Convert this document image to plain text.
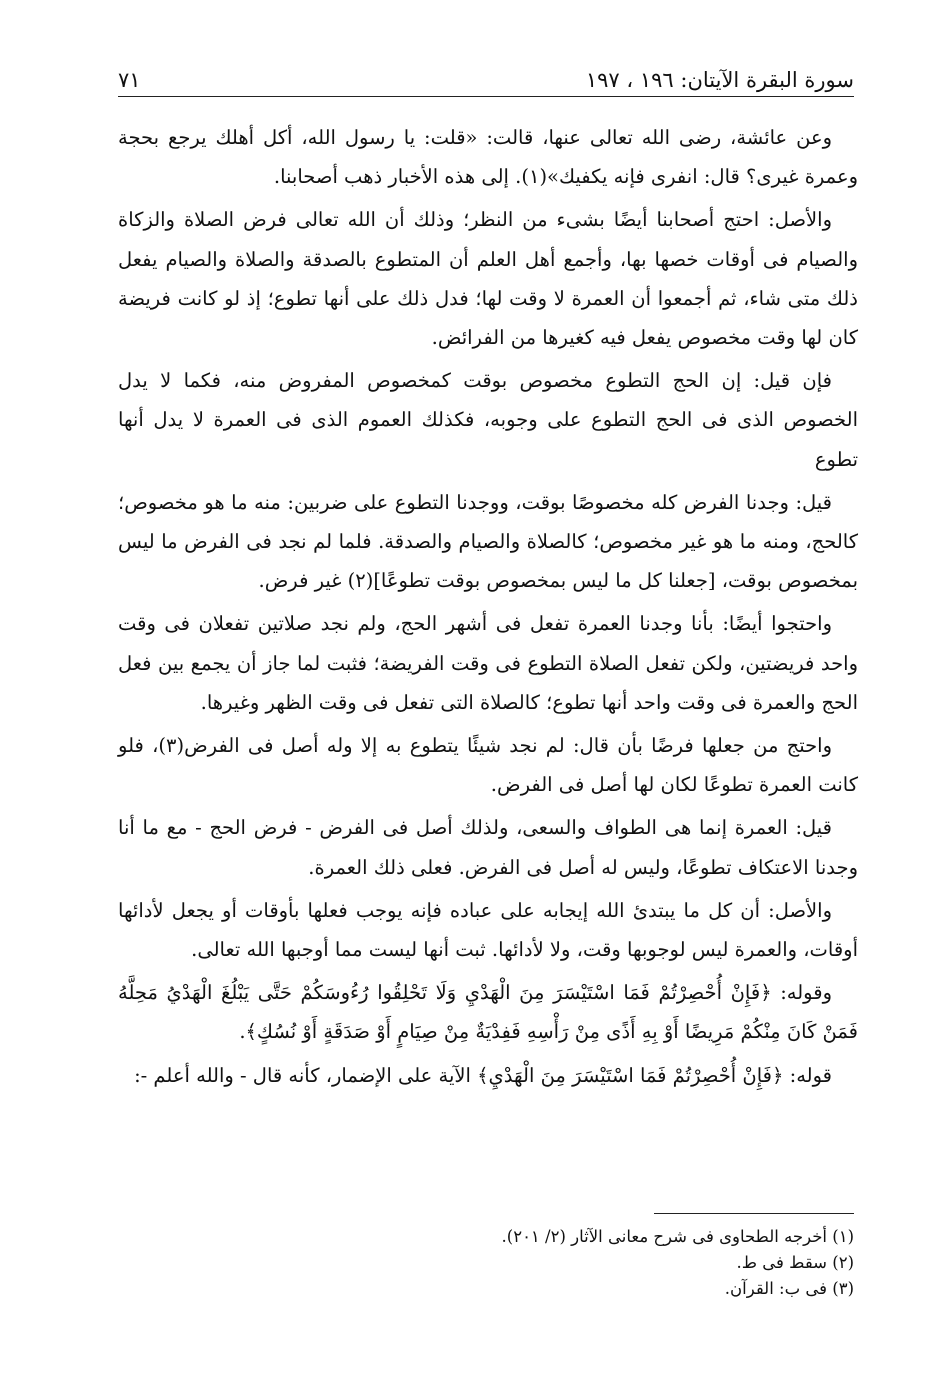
سورة البقرة الآيتان: ١٩٦ ، ١٩٧
٧١

وعن عائشة، رضى الله تعالى عنها، قالت: «قلت: يا رسول الله، أكل أهلك يرجع بحجة وعمرة غيرى؟ قال: انفرى فإنه يكفيك»(١). إلى هذه الأخبار ذهب أصحابنا.

والأصل: احتج أصحابنا أيضًا بشىء من النظر؛ وذلك أن الله تعالى فرض الصلاة والزكاة والصيام فى أوقات خصها بها، وأجمع أهل العلم أن المتطوع بالصدقة والصلاة والصيام يفعل ذلك متى شاء، ثم أجمعوا أن العمرة لا وقت لها؛ فدل ذلك على أنها تطوع؛ إذ لو كانت فريضة كان لها وقت مخصوص يفعل فيه كغيرها من الفرائض.

فإن قيل: إن الحج التطوع مخصوص بوقت كمخصوص المفروض منه، فكما لا يدل الخصوص الذى فى الحج التطوع على وجوبه، فكذلك العموم الذى فى العمرة لا يدل أنها تطوع

قيل: وجدنا الفرض كله مخصوصًا بوقت، ووجدنا التطوع على ضربين: منه ما هو مخصوص؛ كالحج، ومنه ما هو غير مخصوص؛ كالصلاة والصيام والصدقة. فلما لم نجد فى الفرض ما ليس بمخصوص بوقت، [جعلنا كل ما ليس بمخصوص بوقت تطوعًا](٢) غير فرض.

واحتجوا أيضًا: بأنا وجدنا العمرة تفعل فى أشهر الحج، ولم نجد صلاتين تفعلان فى وقت واحد فريضتين، ولكن تفعل الصلاة التطوع فى وقت الفريضة؛ فثبت لما جاز أن يجمع بين فعل الحج والعمرة فى وقت واحد أنها تطوع؛ كالصلاة التى تفعل فى وقت الظهر وغيرها.

واحتج من جعلها فرضًا بأن قال: لم نجد شيئًا يتطوع به إلا وله أصل فى الفرض(٣)، فلو كانت العمرة تطوعًا لكان لها أصل فى الفرض.

قيل: العمرة إنما هى الطواف والسعى، ولذلك أصل فى الفرض - فرض الحج - مع ما أنا وجدنا الاعتكاف تطوعًا، وليس له أصل فى الفرض. فعلى ذلك العمرة.

والأصل: أن كل ما يبتدئ الله إيجابه على عباده فإنه يوجب فعلها بأوقات أو يجعل لأدائها أوقات، والعمرة ليس لوجوبها وقت، ولا لأدائها. ثبت أنها ليست مما أوجبها الله تعالى.

وقوله: ﴿فَإِنْ أُحْصِرْتُمْ فَمَا اسْتَيْسَرَ مِنَ الْهَدْيِ وَلَا تَحْلِقُوا رُءُوسَكُمْ حَتَّى يَبْلُغَ الْهَدْيُ مَحِلَّهُ فَمَنْ كَانَ مِنْكُمْ مَرِيضًا أَوْ بِهِ أَذًى مِنْ رَأْسِهِ فَفِدْيَةٌ مِنْ صِيَامٍ أَوْ صَدَقَةٍ أَوْ نُسُكٍ﴾.

قوله: ﴿فَإِنْ أُحْصِرْتُمْ فَمَا اسْتَيْسَرَ مِنَ الْهَدْيِ﴾ الآية على الإضمار، كأنه قال - والله أعلم -:

(١) أخرجه الطحاوى فى شرح معانى الآثار (٢/ ٢٠١).

(٢) سقط فى ط.

(٣) فى ب: القرآن.
